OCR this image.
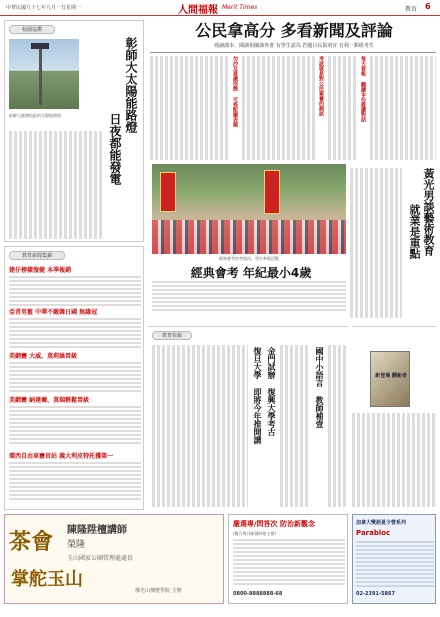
中華民國九十七年九月一日星期一	人間福報 Merit Times	教育 6
校園巡禮
彰師大太陽能路燈
日夜都能發電
彰師大進德校區的太陽能路燈
公民拿高分 多看新聞及評論
熟讀課本、閱讀相關課外書 有學生認為 若題目長篇別宜 有利一類組考生
勿沙及意識形態 可搭配圖表題	考試就是對公民素養的測試	每天看報 翻讀本份證讀對話
經典會考的考場內，學生參與活動
經典會考 年紀最小4歲
黃光男談藝術教育
就業是重點
教育新聞集錦
建仔榜樣復健 本季報銷
亞青男籃 中華不敵韓日國 無緣冠
美網賽 大威、莫莉絲晉級
美網賽 納達爾、莫瑞輕鬆晉級
環西自由車賽首站 義大利皮特托獲第一
教育快報
復旦大學 即將今年推開講 金門試辦 復興大學考古	國中小語言 教師補壹	新登場 翻新者
茶會	陳隆陞檀講師
榮隆
玉山國家公園管理處處長
掌舵玉山
佛光山傳燈學院 主辦
嚴選專/問答次 防治新觀念
(雙月專刊新聞時報主辦)
0800-8888888-68
加拿大雙語夏令營系列
Parabloc
02-2391-5867
